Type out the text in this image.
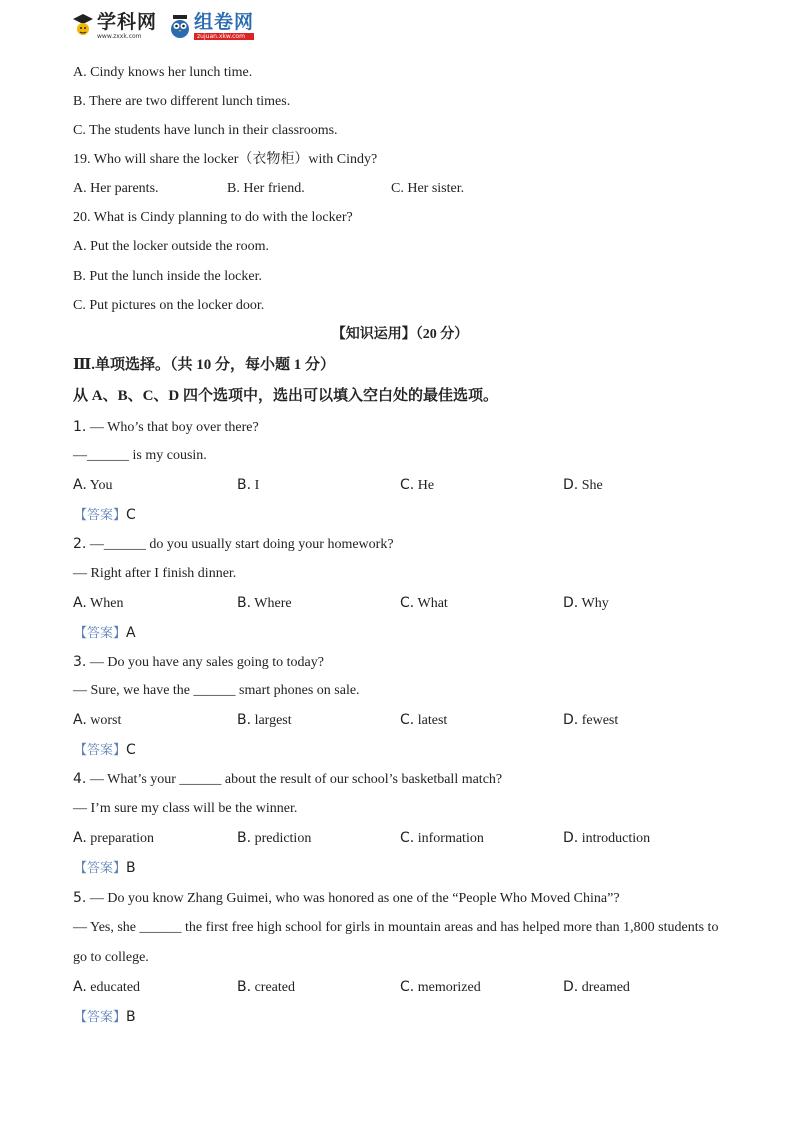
学科网
www.zxxk.com
组卷网
zujuan.xkw.com
A. Cindy knows her lunch time.
B. There are two different lunch times.
C. The students have lunch in their classrooms.
19. Who will share the locker（衣物柜）with Cindy?
A. Her parents.	B. Her friend.	C. Her sister.
20. What is Cindy planning to do with the locker?
A. Put the locker outside the room.
B. Put the lunch inside the locker.
C. Put pictures on the locker door.
【知识运用】（20 分）
Ⅲ.单项选择。（共 10 分，每小题 1 分）
从 A、B、C、D 四个选项中，选出可以填入空白处的最佳选项。
1. — Who’s that boy over there?
—______ is my cousin.
A. You	B. I	C. He	D. She
【答案】C
2. —______ do you usually start doing your homework?
— Right after I finish dinner.
A. When	B. Where	C. What	D. Why
【答案】A
3. — Do you have any sales going to today?
— Sure, we have the ______ smart phones on sale.
A. worst	B. largest	C. latest	D. fewest
【答案】C
4. — What’s your ______ about the result of our school’s basketball match?
— I’m sure my class will be the winner.
A. preparation	B. prediction	C. information	D. introduction
【答案】B
5. — Do you know Zhang Guimei, who was honored as one of the “People Who Moved China”?
— Yes, she ______ the first free high school for girls in mountain areas and has helped more than 1,800 students to
go to college.
A. educated	B. created	C. memorized	D. dreamed
【答案】B
